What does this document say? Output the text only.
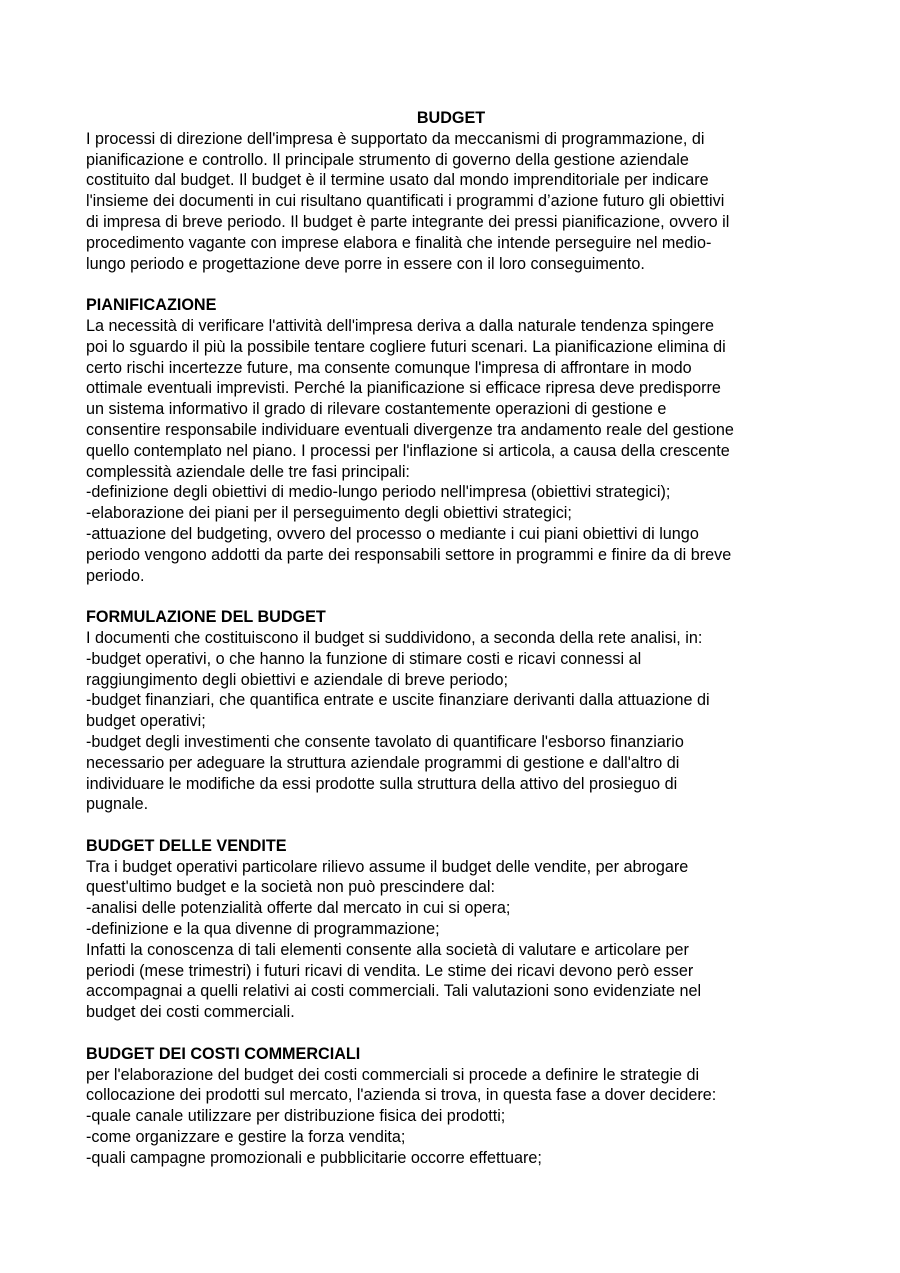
BUDGET

I processi di direzione dell'impresa è supportato da meccanismi di programmazione, di

pianificazione e controllo. Il principale strumento di governo della gestione aziendale

costituito dal budget. Il budget è il termine usato dal mondo imprenditoriale per indicare

l'insieme dei documenti in cui risultano quantificati i programmi d’azione futuro gli obiettivi

di impresa di breve periodo. Il budget è parte integrante dei pressi pianificazione, ovvero il

procedimento vagante con imprese elabora e finalità che intende perseguire nel medio-

lungo periodo e progettazione deve porre in essere con il loro conseguimento.

PIANIFICAZIONE

La necessità di verificare l'attività dell'impresa deriva a dalla naturale tendenza spingere

poi lo sguardo il più la possibile tentare cogliere futuri scenari. La pianificazione elimina di

certo rischi incertezze future, ma consente comunque l'impresa di affrontare in modo

ottimale eventuali imprevisti. Perché la pianificazione si efficace ripresa deve predisporre

un sistema informativo il grado di rilevare costantemente operazioni di gestione e

consentire responsabile individuare eventuali divergenze tra andamento reale del gestione

quello contemplato nel piano. I processi per l'inflazione si articola, a causa della crescente

complessità aziendale delle tre fasi principali:

-definizione degli obiettivi di medio-lungo periodo nell'impresa (obiettivi strategici);

-elaborazione dei piani per il perseguimento degli obiettivi strategici;

-attuazione del budgeting, ovvero del processo o mediante i cui piani obiettivi di lungo

periodo vengono addotti da parte dei responsabili settore in programmi e finire da di breve

periodo.

FORMULAZIONE DEL BUDGET

I documenti che costituiscono il budget si suddividono, a seconda della rete analisi, in:

-budget operativi, o che hanno la funzione di stimare costi e ricavi connessi al

raggiungimento degli obiettivi e aziendale di breve periodo;

-budget finanziari, che quantifica entrate e uscite finanziare derivanti dalla attuazione di

budget operativi;

-budget degli investimenti che consente tavolato di quantificare l'esborso finanziario

necessario per adeguare la struttura aziendale programmi di gestione e dall'altro di

individuare le modifiche da essi prodotte sulla struttura della attivo del prosieguo di

pugnale.

BUDGET DELLE VENDITE

Tra i budget operativi particolare rilievo assume il budget delle vendite, per abrogare

quest'ultimo budget e la società non può prescindere dal:

-analisi delle potenzialità offerte dal mercato in cui si opera;

-definizione e la qua divenne di programmazione;

Infatti la conoscenza di tali elementi consente alla società di valutare e articolare per

periodi (mese trimestri) i futuri ricavi di vendita. Le stime dei ricavi devono però esser

accompagnai a quelli relativi ai costi commerciali. Tali valutazioni sono evidenziate nel

budget dei costi commerciali.

BUDGET DEI COSTI COMMERCIALI

per l'elaborazione del budget dei costi commerciali si procede a definire le strategie di

collocazione dei prodotti sul mercato, l'azienda si trova, in questa fase a dover decidere:

-quale canale utilizzare per distribuzione fisica dei prodotti;

-come organizzare e gestire la forza vendita;

-quali campagne promozionali e pubblicitarie occorre effettuare;
